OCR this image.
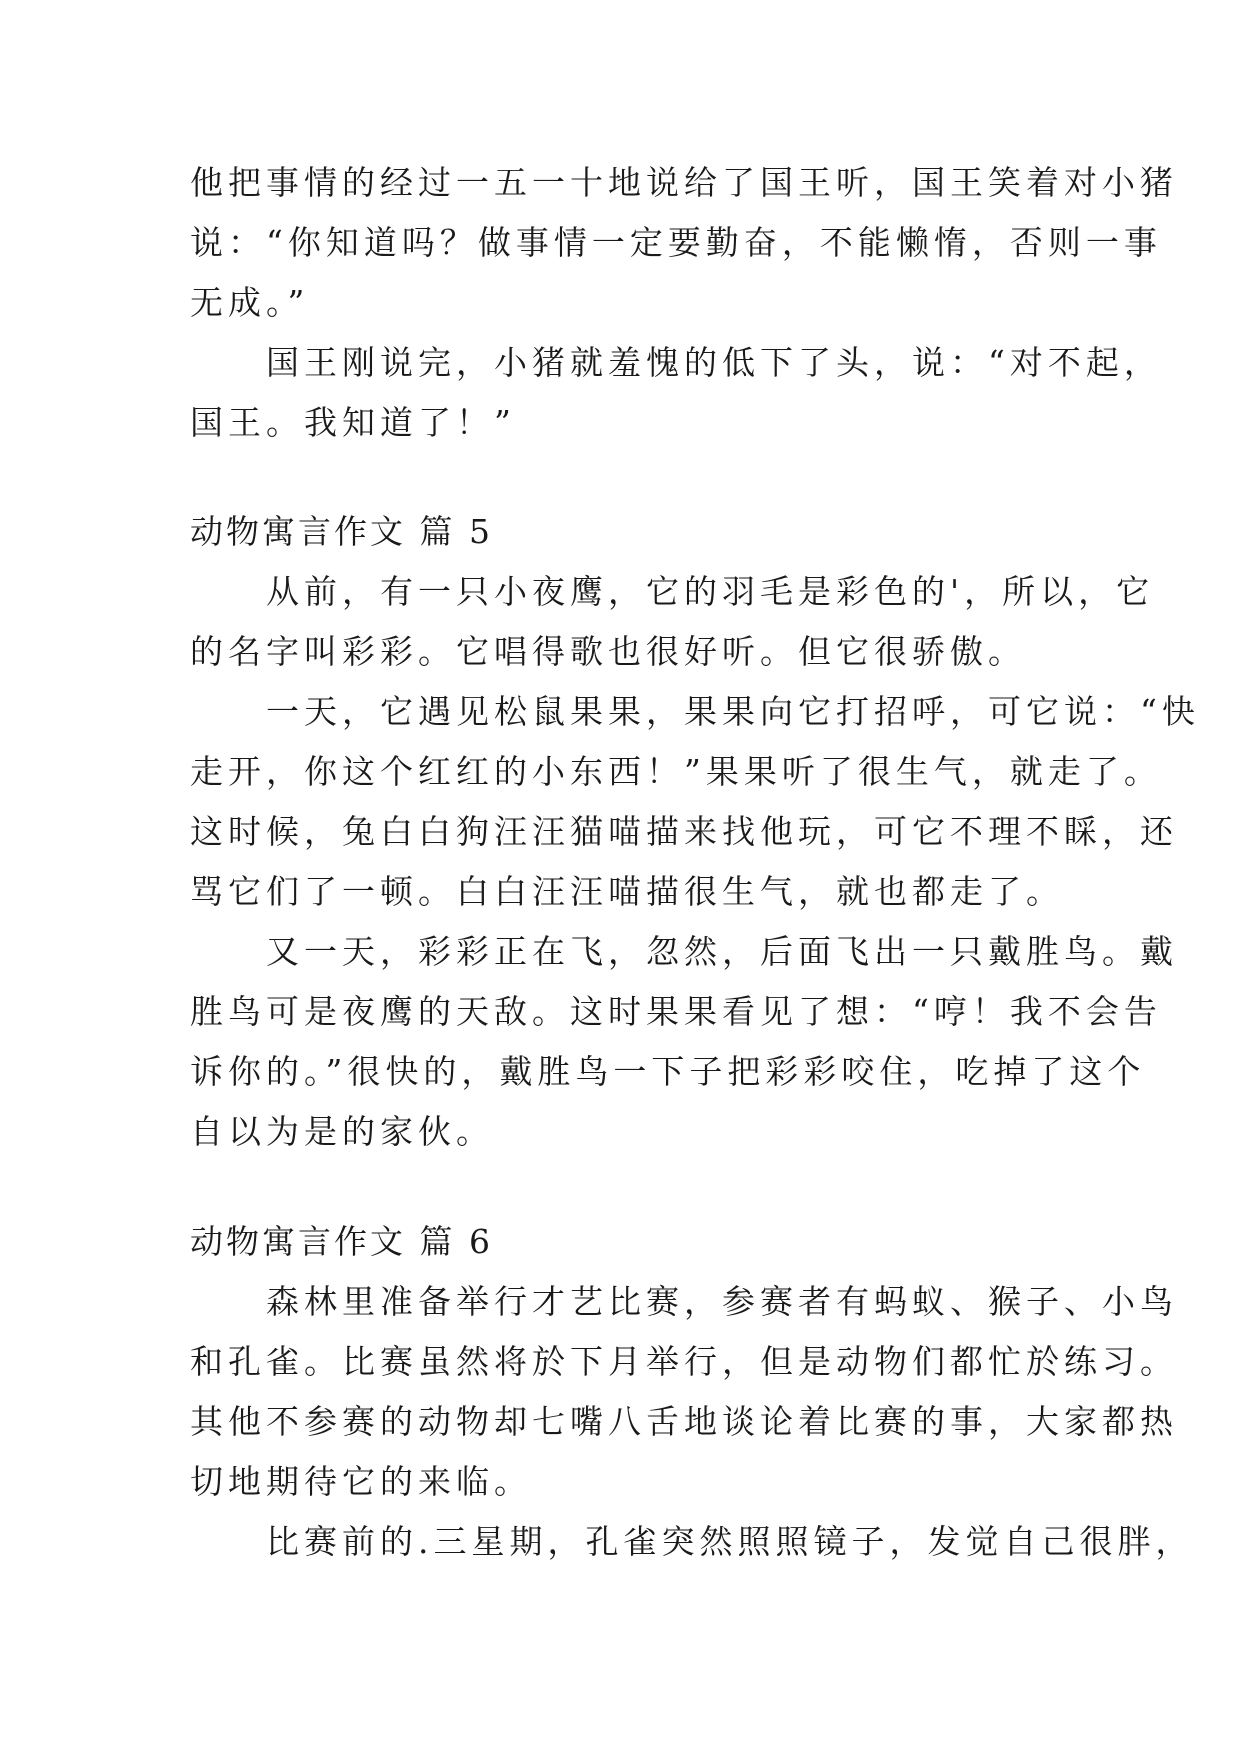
他把事情的经过一五一十地说给了国王听，国王笑着对小猪
说：“你知道吗？做事情一定要勤奋，不能懒惰，否则一事
无成。”
　　国王刚说完，小猪就羞愧的低下了头，说：“对不起，
国王。我知道了！”
动物寓言作文 篇 5
　　从前，有一只小夜鹰，它的羽毛是彩色的'，所以，它
的名字叫彩彩。它唱得歌也很好听。但它很骄傲。
　　一天，它遇见松鼠果果，果果向它打招呼，可它说：“快
走开，你这个红红的小东西！”果果听了很生气，就走了。
这时候，兔白白狗汪汪猫喵描来找他玩，可它不理不睬，还
骂它们了一顿。白白汪汪喵描很生气，就也都走了。
　　又一天，彩彩正在飞，忽然，后面飞出一只戴胜鸟。戴
胜鸟可是夜鹰的天敌。这时果果看见了想：“哼！我不会告
诉你的。”很快的，戴胜鸟一下子把彩彩咬住，吃掉了这个
自以为是的家伙。
动物寓言作文 篇 6
　　森林里准备举行才艺比赛，参赛者有蚂蚁、猴子、小鸟
和孔雀。比赛虽然将於下月举行，但是动物们都忙於练习。
其他不参赛的动物却七嘴八舌地谈论着比赛的事，大家都热
切地期待它的来临。
　　比赛前的.三星期，孔雀突然照照镜子，发觉自己很胖，
